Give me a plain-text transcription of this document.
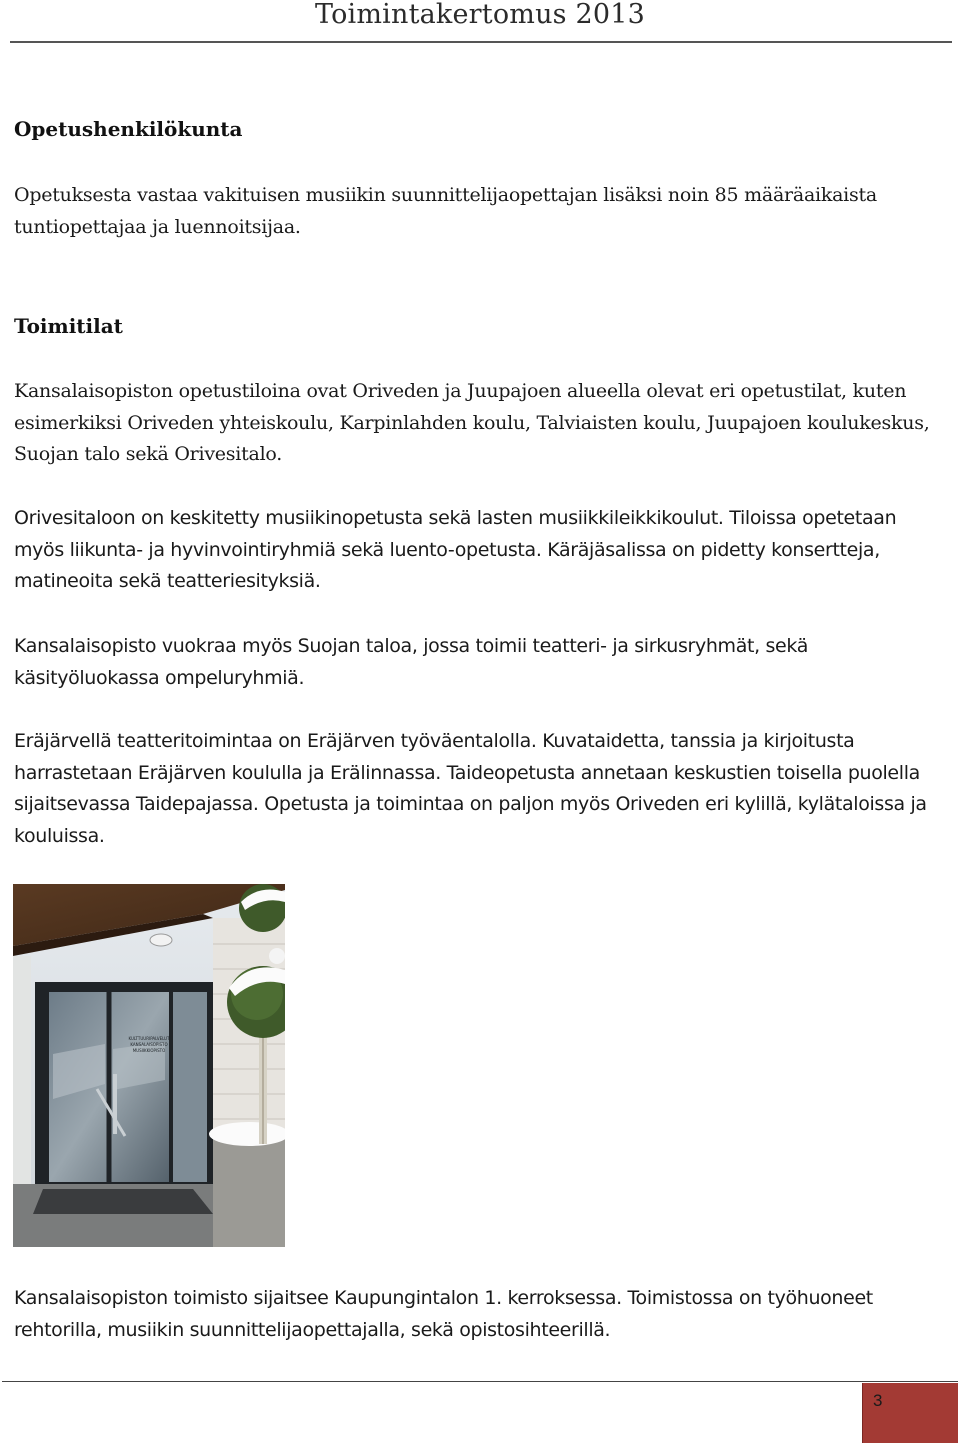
Toimintakertomus 2013
Opetushenkilökunta

Opetuksesta vastaa vakituisen musiikin suunnittelijaopettajan lisäksi noin 85 määräaikaista tuntiopettajaa ja luennoitsijaa.

Toimitilat

Kansalaisopiston opetustiloina ovat Oriveden ja Juupajoen alueella olevat eri opetustilat, kuten esimerkiksi Oriveden yhteiskoulu, Karpinlahden koulu, Talviaisten koulu, Juupajoen koulukeskus, Suojan talo sekä Orivesitalo.

Orivesitaloon on keskitetty musiikinopetusta sekä lasten musiikkileikkikoulut. Tiloissa opetetaan myös liikunta- ja hyvinvointiryhmiä sekä luento-opetusta. Käräjäsalissa on pidetty konsertteja, matineoita sekä teatteriesityksiä.

Kansalaisopisto vuokraa myös Suojan taloa, jossa toimii teatteri- ja sirkusryhmät, sekä käsityöluokassa ompeluryhmiä.

Eräjärvellä teatteritoimintaa on Eräjärven työväentalolla. Kuvataidetta, tanssia ja kirjoitusta harrastetaan Eräjärven koululla ja Erälinnassa. Taideopetusta annetaan keskustien toisella puolella sijaitsevassa Taidepajassa. Opetusta ja toimintaa on paljon myös Oriveden eri kylillä, kylätaloissa ja kouluissa.

KULTTUURIPALVELUT
KANSALAISOPISTO
MUSIIKKIOPISTO

Kansalaisopiston toimisto sijaitsee Kaupungintalon 1. kerroksessa. Toimistossa on työhuoneet rehtorilla, musiikin suunnittelijaopettajalla, sekä opistosihteerillä.

3
